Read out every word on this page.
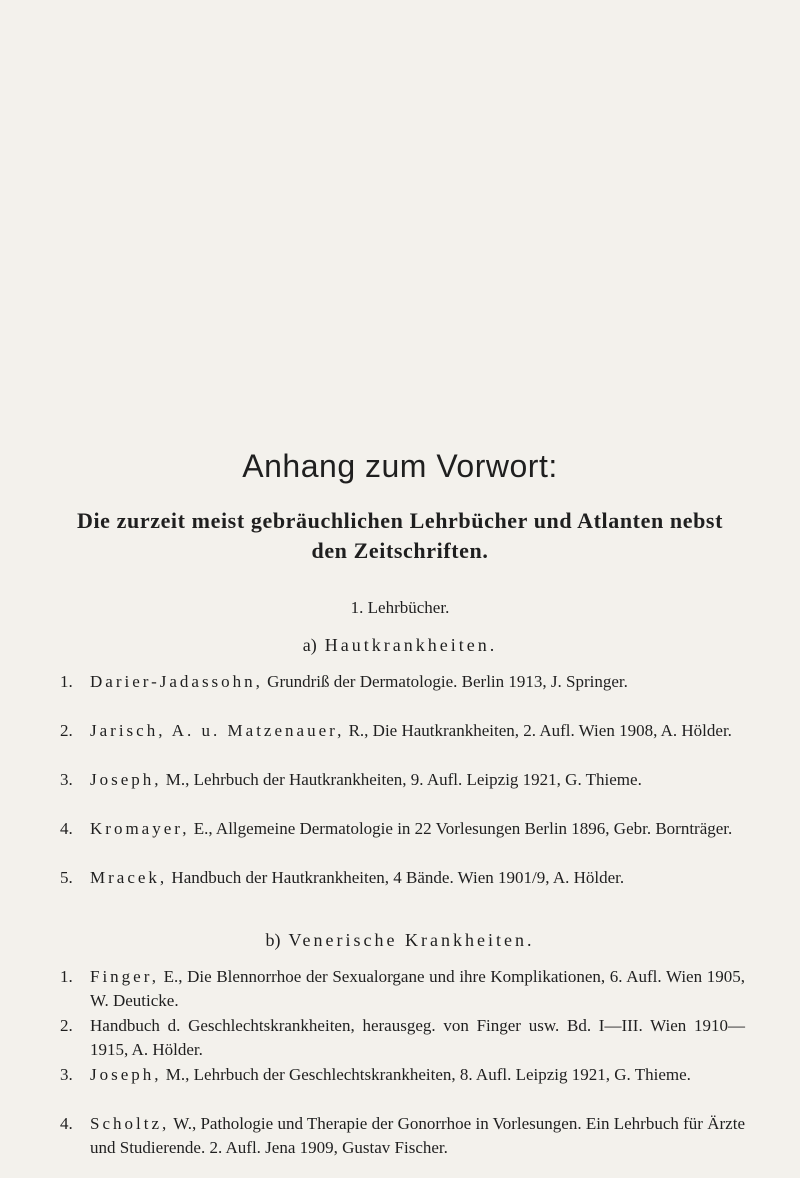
Anhang zum Vorwort:
Die zurzeit meist gebräuchlichen Lehrbücher und Atlanten nebst den Zeitschriften.
1. Lehrbücher.
a) Hautkrankheiten.
1.	Darier-Jadassohn, Grundriß der Dermatologie. Berlin 1913, J. Springer.
2.	Jarisch, A. u. Matzenauer, R., Die Hautkrankheiten, 2. Aufl. Wien 1908, A. Hölder.
3.	Joseph, M., Lehrbuch der Hautkrankheiten, 9. Aufl. Leipzig 1921, G. Thieme.
4.	Kromayer, E., Allgemeine Dermatologie in 22 Vorlesungen Berlin 1896, Gebr. Bornträger.
5.	Mracek, Handbuch der Hautkrankheiten, 4 Bände. Wien 1901/9, A. Hölder.
b) Venerische Krankheiten.
1.	Finger, E., Die Blennorrhoe der Sexualorgane und ihre Komplikationen, 6. Aufl. Wien 1905, W. Deuticke.
2.	Handbuch d. Geschlechtskrankheiten, herausgeg. von Finger usw. Bd. I—III. Wien 1910—1915, A. Hölder.
3.	Joseph, M., Lehrbuch der Geschlechtskrankheiten, 8. Aufl. Leipzig 1921, G. Thieme.
4.	Scholtz, W., Pathologie und Therapie der Gonorrhoe in Vorlesungen. Ein Lehrbuch für Ärzte und Studierende. 2. Aufl. Jena 1909, Gustav Fischer.
